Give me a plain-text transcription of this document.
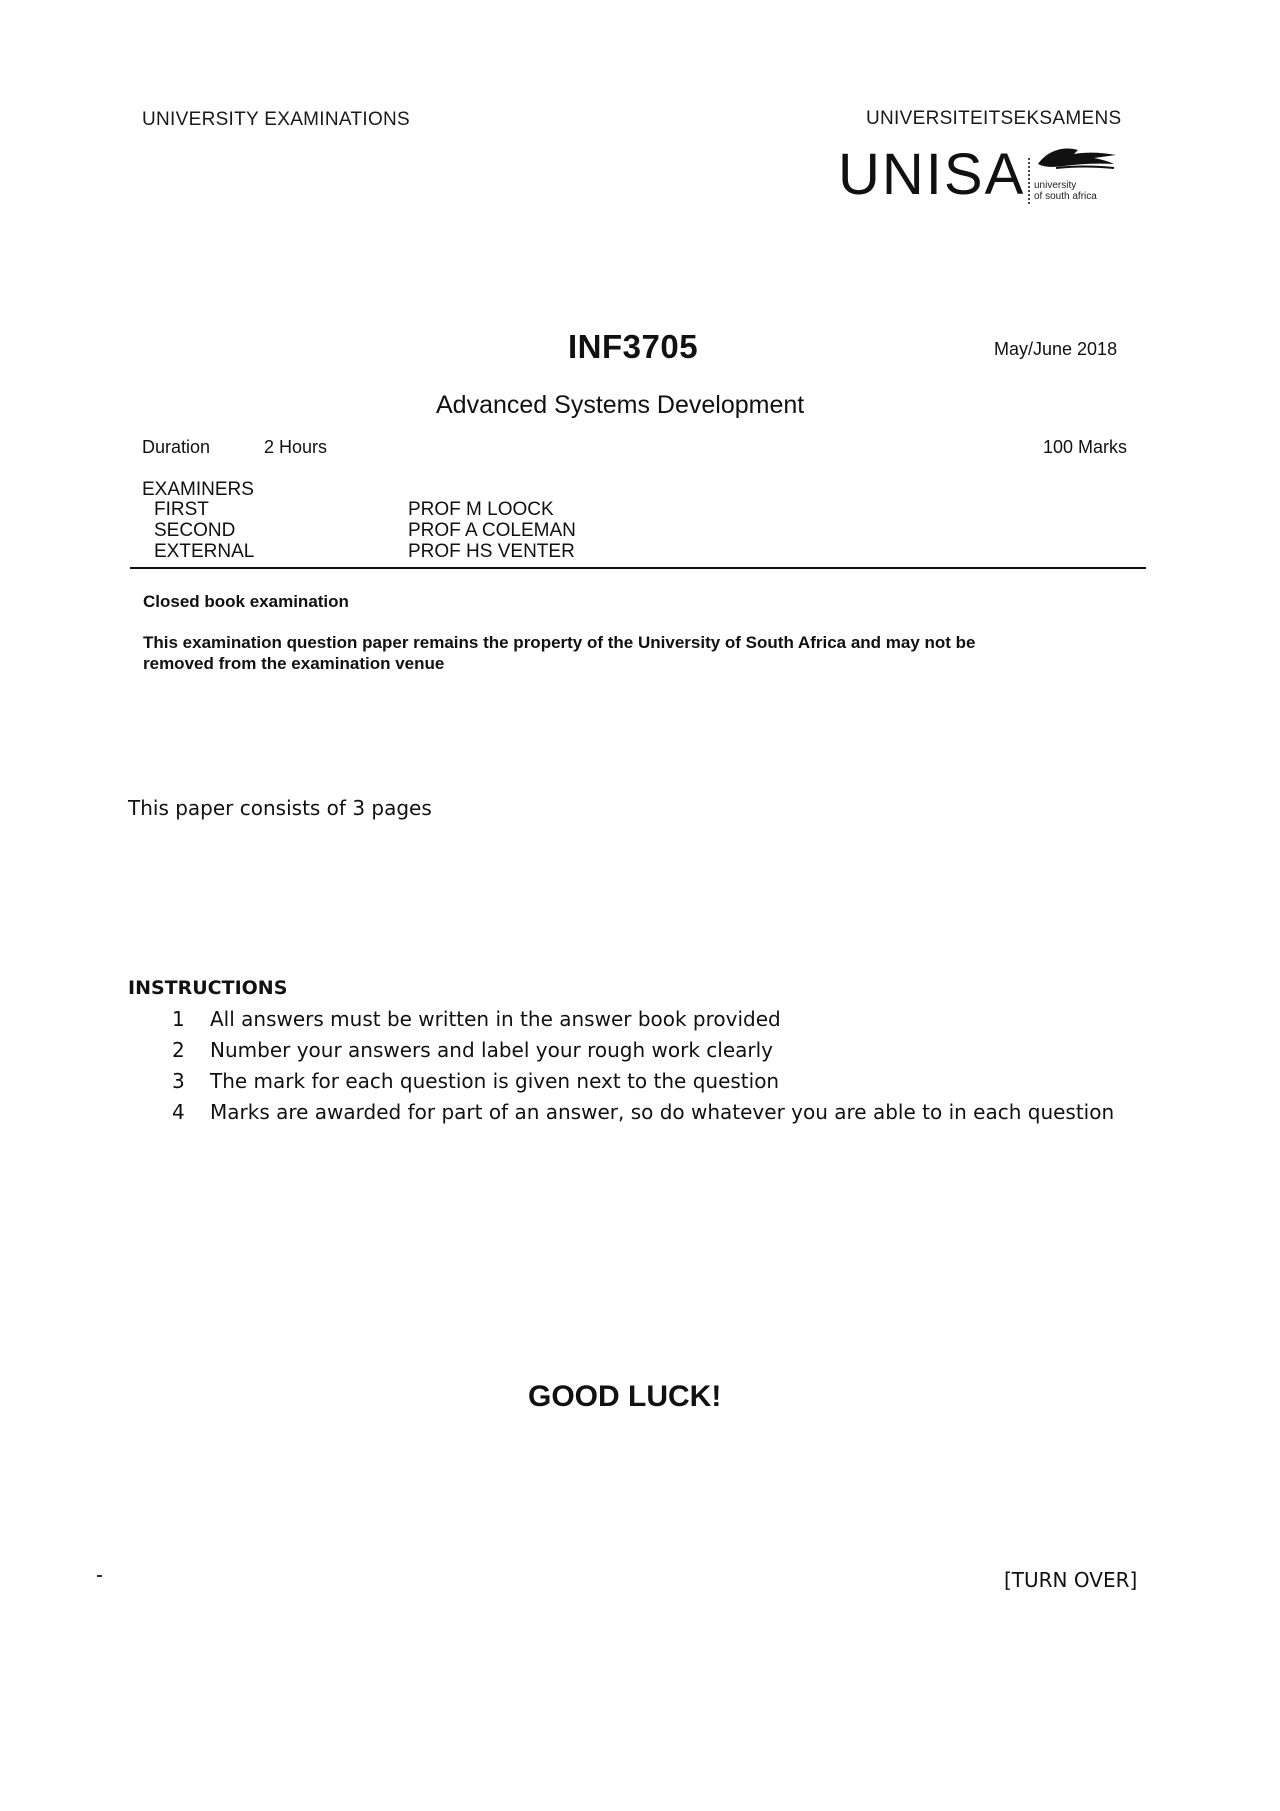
UNIVERSITY EXAMINATIONS	UNIVERSITEITSEKSAMENS
UNISA university
of south africa
INF3705	May/June 2018
Advanced Systems Development
Duration	2 Hours	100 Marks
EXAMINERS
FIRST	PROF M LOOCK
SECOND	PROF A COLEMAN
EXTERNAL	PROF HS VENTER
Closed book examination
This examination question paper remains the property of the University of South Africa and may not be
removed from the examination venue
This paper consists of 3 pages
INSTRUCTIONS
1	All answers must be written in the answer book provided
2	Number your answers and label your rough work clearly
3	The mark for each question is given next to the question
4	Marks are awarded for part of an answer, so do whatever you are able to in each question
GOOD LUCK!
[TURN OVER]
